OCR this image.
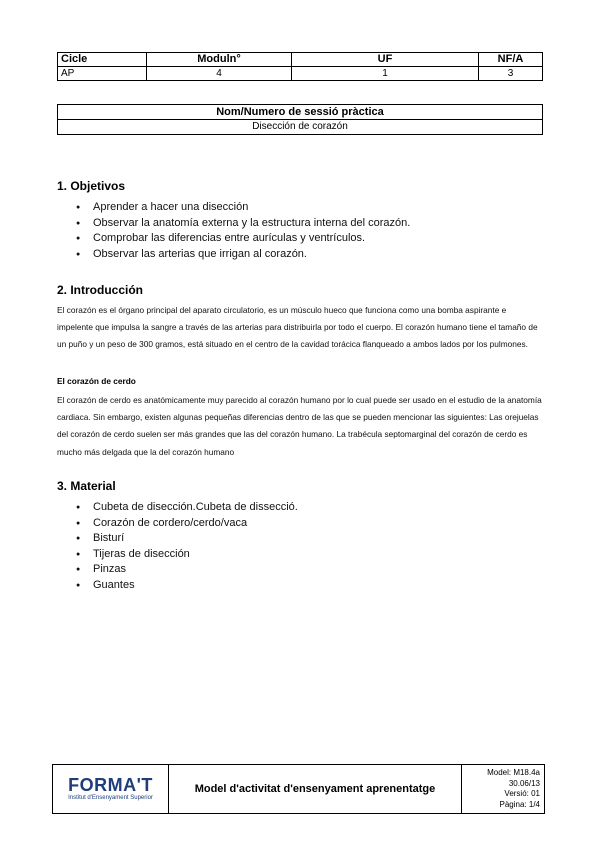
Cicle	Moduln°	UF	NF/A
AP	4	1	3
Nom/Numero de sessió pràctica
Disección de corazón
1. Objetivos
● Aprender a hacer una disección
● Observar la anatomía externa y la estructura interna del corazón.
● Comprobar las diferencias entre aurículas y ventrículos.
● Observar las arterias que irrigan al corazón.
2. Introducción

El corazón es el órgano principal del aparato circulatorio, es un músculo hueco que funciona como una bomba aspirante e impelente que impulsa la sangre a través de las arterias para distribuirla por todo el cuerpo. El corazón humano tiene el tamaño de un puño y un peso de 300 gramos, está situado en el centro de la cavidad torácica flanqueado a ambos lados por los pulmones.

El corazón de cerdo

El corazón de cerdo es anatómicamente muy parecido al corazón humano por lo cual puede ser usado en el estudio de la anatomía cardiaca. Sin embargo, existen algunas pequeñas diferencias dentro de las que se pueden mencionar las siguientes: Las orejuelas del corazón de cerdo suelen ser más grandes que las del corazón humano. La trabécula septomarginal del corazón de cerdo es mucho más delgada que la del corazón humano

3. Material
● Cubeta de disección.Cubeta de dissecció.
● Corazón de cordero/cerdo/vaca
● Bisturí
● Tijeras de disección
● Pinzas
● Guantes
FORMA'T
Institut d'Ensenyament Superior
	Model d'activitat d'ensenyament aprenentatge	
Model: M18.4a
30.06/13
Versió: 01
Pàgina: 1/4
